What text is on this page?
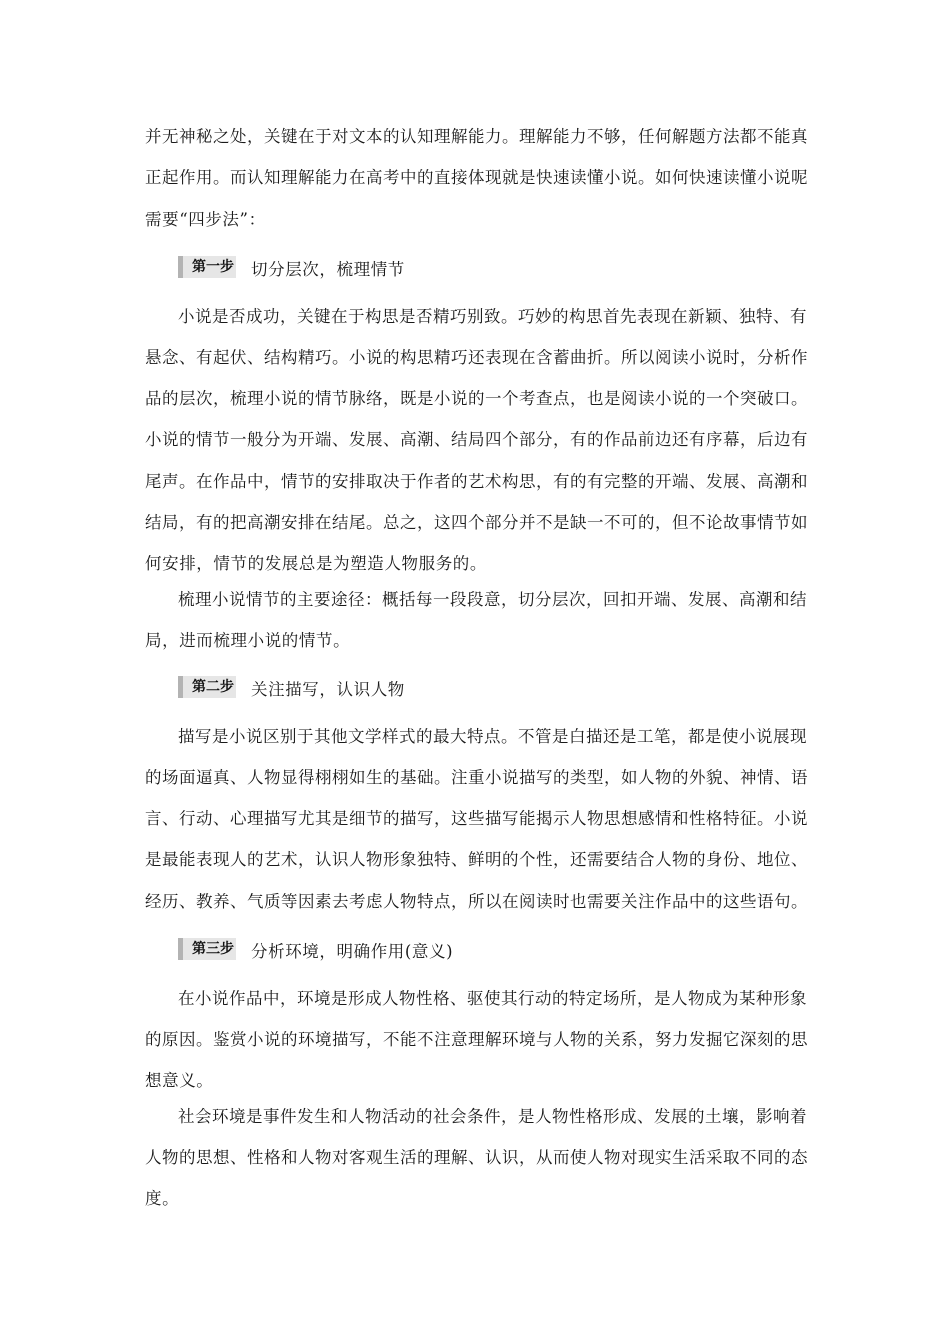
并无神秘之处，关键在于对文本的认知理解能力。理解能力不够，任何解题方法都不能真
正起作用。而认知理解能力在高考中的直接体现就是快速读懂小说。如何快速读懂小说呢
需要“四步法”：
第一步 切分层次，梳理情节
小说是否成功，关键在于构思是否精巧别致。巧妙的构思首先表现在新颖、独特、有
悬念、有起伏、结构精巧。小说的构思精巧还表现在含蓄曲折。所以阅读小说时，分析作
品的层次，梳理小说的情节脉络，既是小说的一个考查点，也是阅读小说的一个突破口。
小说的情节一般分为开端、发展、高潮、结局四个部分，有的作品前边还有序幕，后边有
尾声。在作品中，情节的安排取决于作者的艺术构思，有的有完整的开端、发展、高潮和
结局，有的把高潮安排在结尾。总之，这四个部分并不是缺一不可的，但不论故事情节如
何安排，情节的发展总是为塑造人物服务的。
梳理小说情节的主要途径：概括每一段段意，切分层次，回扣开端、发展、高潮和结
局，进而梳理小说的情节。
第二步 关注描写，认识人物
描写是小说区别于其他文学样式的最大特点。不管是白描还是工笔，都是使小说展现
的场面逼真、人物显得栩栩如生的基础。注重小说描写的类型，如人物的外貌、神情、语
言、行动、心理描写尤其是细节的描写，这些描写能揭示人物思想感情和性格特征。小说
是最能表现人的艺术，认识人物形象独特、鲜明的个性，还需要结合人物的身份、地位、
经历、教养、气质等因素去考虑人物特点，所以在阅读时也需要关注作品中的这些语句。
第三步 分析环境，明确作用(意义)
在小说作品中，环境是形成人物性格、驱使其行动的特定场所，是人物成为某种形象
的原因。鉴赏小说的环境描写，不能不注意理解环境与人物的关系，努力发掘它深刻的思
想意义。
社会环境是事件发生和人物活动的社会条件，是人物性格形成、发展的土壤，影响着
人物的思想、性格和人物对客观生活的理解、认识，从而使人物对现实生活采取不同的态
度。
